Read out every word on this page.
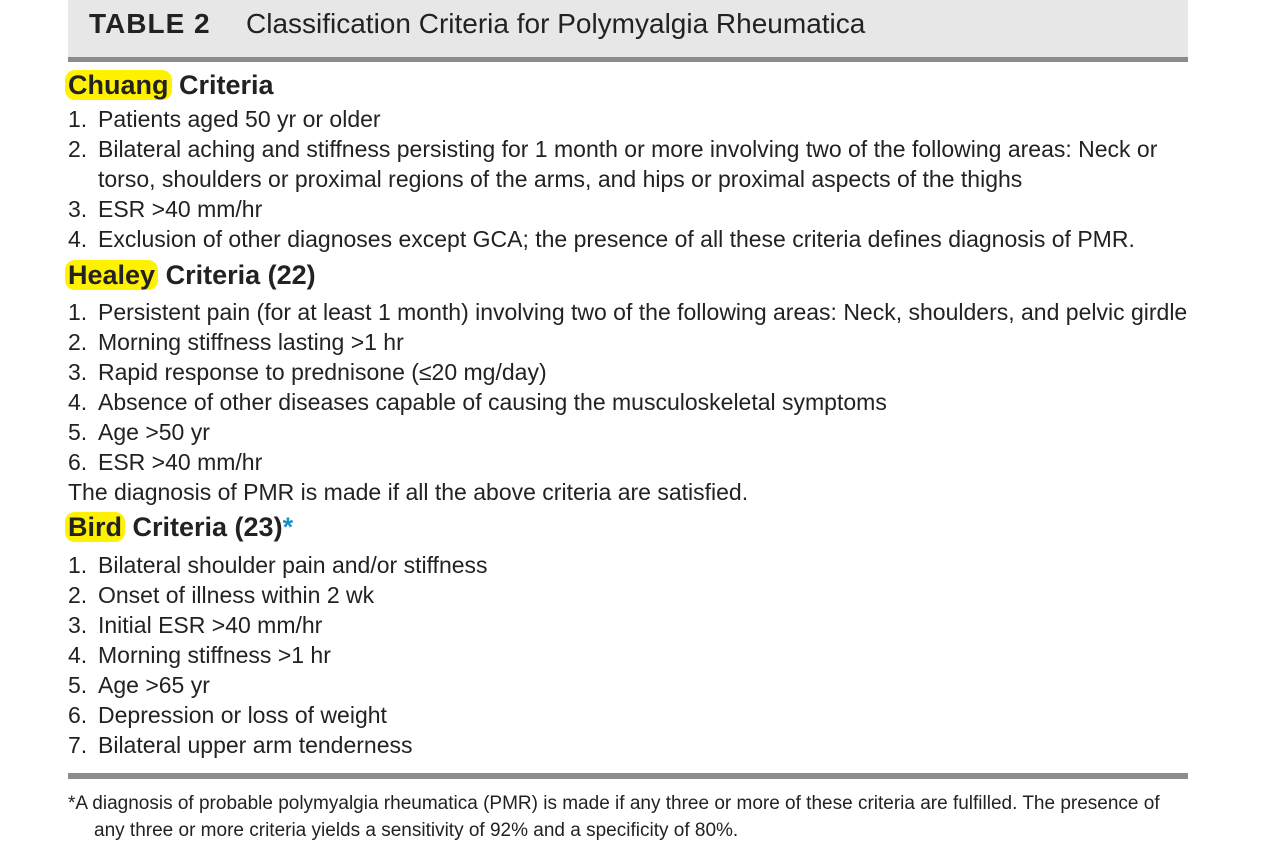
TABLE 2 Classification Criteria for Polymyalgia Rheumatica
Chuang Criteria
1. Patients aged 50 yr or older
2. Bilateral aching and stiffness persisting for 1 month or more involving two of the following areas: Neck or torso, shoulders or proximal regions of the arms, and hips or proximal aspects of the thighs
3. ESR >40 mm/hr
4. Exclusion of other diagnoses except GCA; the presence of all these criteria defines diagnosis of PMR.
Healey Criteria (22)
1. Persistent pain (for at least 1 month) involving two of the following areas: Neck, shoulders, and pelvic girdle
2. Morning stiffness lasting >1 hr
3. Rapid response to prednisone (≤20 mg/day)
4. Absence of other diseases capable of causing the musculoskeletal symptoms
5. Age >50 yr
6. ESR >40 mm/hr
The diagnosis of PMR is made if all the above criteria are satisfied.
Bird Criteria (23)*
1. Bilateral shoulder pain and/or stiffness
2. Onset of illness within 2 wk
3. Initial ESR >40 mm/hr
4. Morning stiffness >1 hr
5. Age >65 yr
6. Depression or loss of weight
7. Bilateral upper arm tenderness

*A diagnosis of probable polymyalgia rheumatica (PMR) is made if any three or more of these criteria are fulfilled. The presence of any three or more criteria yields a sensitivity of 92% and a specificity of 80%.
